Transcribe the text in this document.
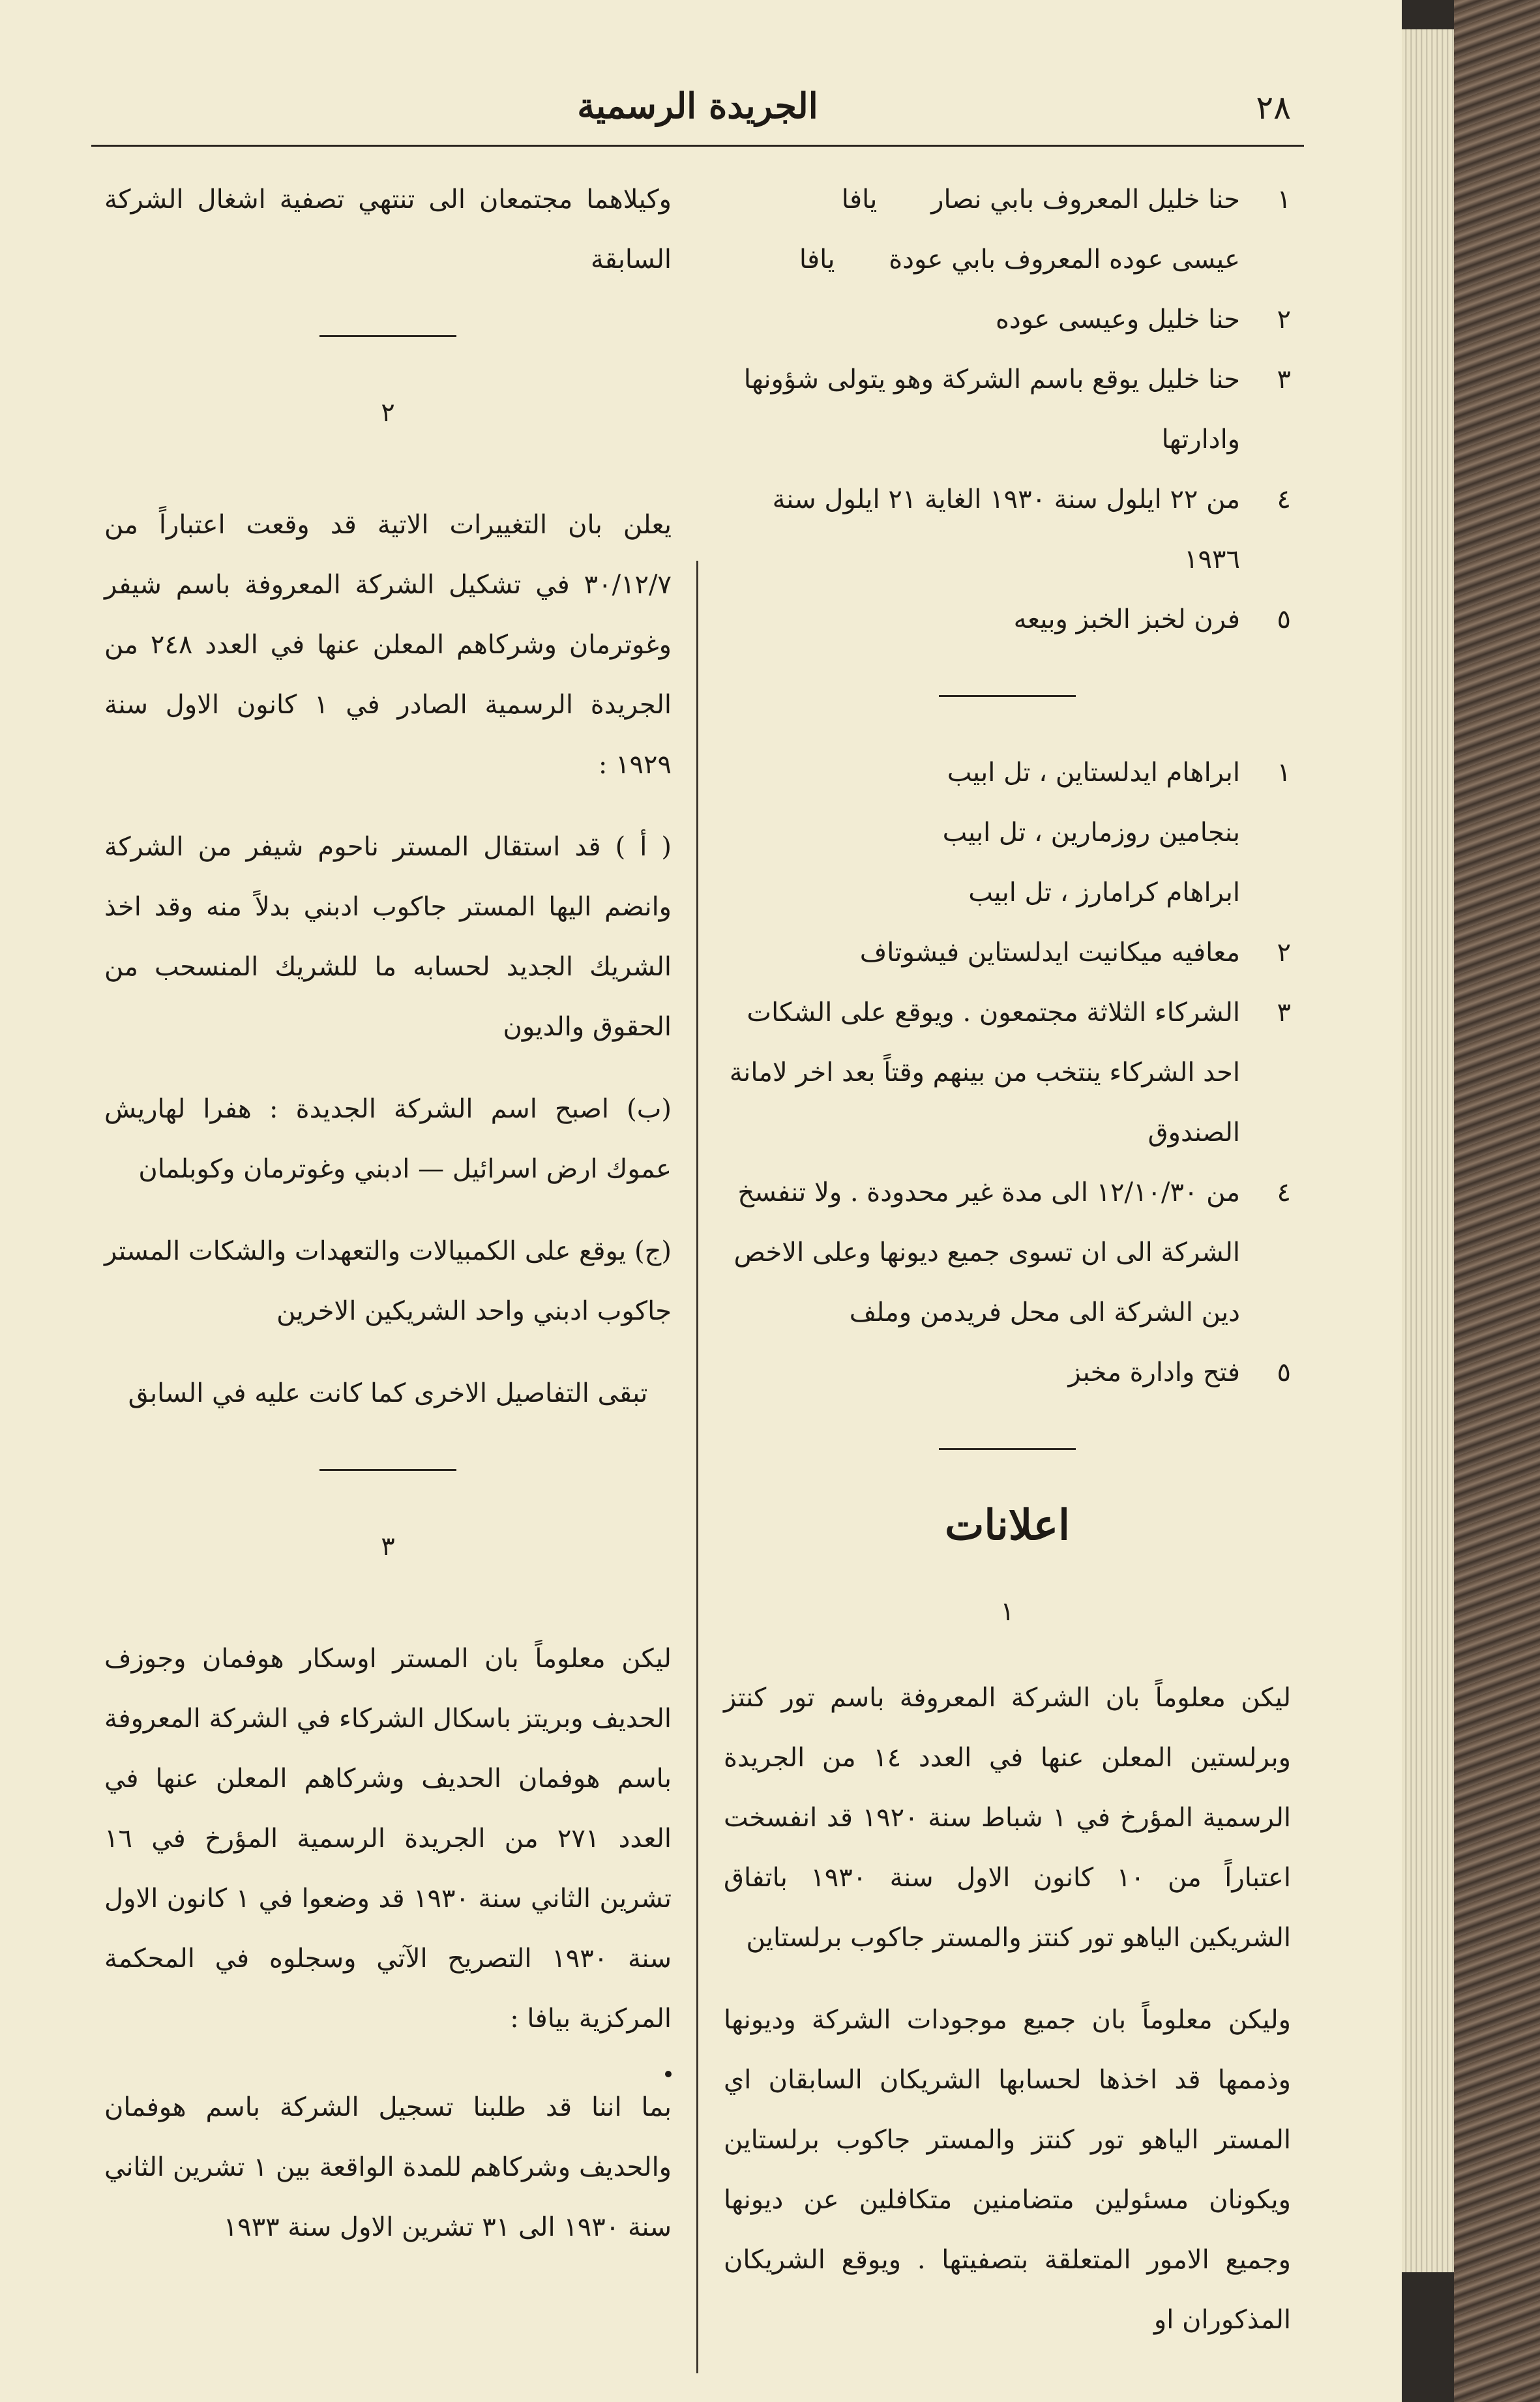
الجريدة الرسمية	٢٨
١
حنا خليل المعروف بابي نصار يافا
عيسى عوده المعروف بابي عودة يافا
٢
حنا خليل وعيسى عوده
٣
حنا خليل يوقع باسم الشركة وهو يتولى شؤونها وادارتها
٤
من ٢٢ ايلول سنة ١٩٣٠ الغاية ٢١ ايلول سنة ١٩٣٦
٥
فرن لخبز الخبز وبيعه
١
ابراهام ايدلستاين ، تل ابيب
بنجامين روزمارين ، تل ابيب
ابراهام كرامارز ، تل ابيب
٢
معافيه ميكانيت ايدلستاين فيشوتاف
٣
الشركاء الثلاثة مجتمعون . ويوقع على الشكات احد الشركاء ينتخب من بينهم وقتاً بعد اخر لامانة الصندوق
٤
من ١٢/١٠/٣٠ الى مدة غير محدودة . ولا تنفسخ الشركة الى ان تسوى جميع ديونها وعلى الاخص دين الشركة الى محل فريدمن وملف
٥
فتح وادارة مخبز
اعلانات
١

ليكن معلوماً بان الشركة المعروفة باسم تور كنتز وبرلستين المعلن عنها في العدد ١٤ من الجريدة الرسمية المؤرخ في ١ شباط سنة ١٩٢٠ قد انفسخت اعتباراً من ١٠ كانون الاول سنة ١٩٣٠ باتفاق الشريكين الياهو تور كنتز والمستر جاكوب برلستاين

وليكن معلوماً بان جميع موجودات الشركة وديونها وذممها قد اخذها لحسابها الشريكان السابقان اي المستر الياهو تور كنتز والمستر جاكوب برلستاين ويكونان مسئولين متضامنين متكافلين عن ديونها وجميع الامور المتعلقة بتصفيتها . ويوقع الشريكان المذكوران او

وكيلاهما مجتمعان الى تنتهي تصفية اشغال الشركة السابقة

٢

يعلن بان التغييرات الاتية قد وقعت اعتباراً من ٣٠/١٢/٧ في تشكيل الشركة المعروفة باسم شيفر وغوترمان وشركاهم المعلن عنها في العدد ٢٤٨ من الجريدة الرسمية الصادر في ١ كانون الاول سنة ١٩٢٩ :

( أ ) قد استقال المستر ناحوم شيفر من الشركة وانضم اليها المستر جاكوب ادبني بدلاً منه وقد اخذ الشريك الجديد لحسابه ما للشريك المنسحب من الحقوق والديون

(ب) اصبح اسم الشركة الجديدة : هفرا لهاريش عموك ارض اسرائيل — ادبني وغوترمان وكوبلمان

(ج) يوقع على الكمبيالات والتعهدات والشكات المستر جاكوب ادبني واحد الشريكين الاخرين

تبقى التفاصيل الاخرى كما كانت عليه في السابق

٣

ليكن معلوماً بان المستر اوسكار هوفمان وجوزف الحديف وبريتز باسكال الشركاء في الشركة المعروفة باسم هوفمان الحديف وشركاهم المعلن عنها في العدد ٢٧١ من الجريدة الرسمية المؤرخ في ١٦ تشرين الثاني سنة ١٩٣٠ قد وضعوا في ١ كانون الاول سنة ١٩٣٠ التصريح الآتي وسجلوه في المحكمة المركزية بيافا :

بما اننا قد طلبنا تسجيل الشركة باسم هوفمان والحديف وشركاهم للمدة الواقعة بين ١ تشرين الثاني سنة ١٩٣٠ الى ٣١ تشرين الاول سنة ١٩٣٣
